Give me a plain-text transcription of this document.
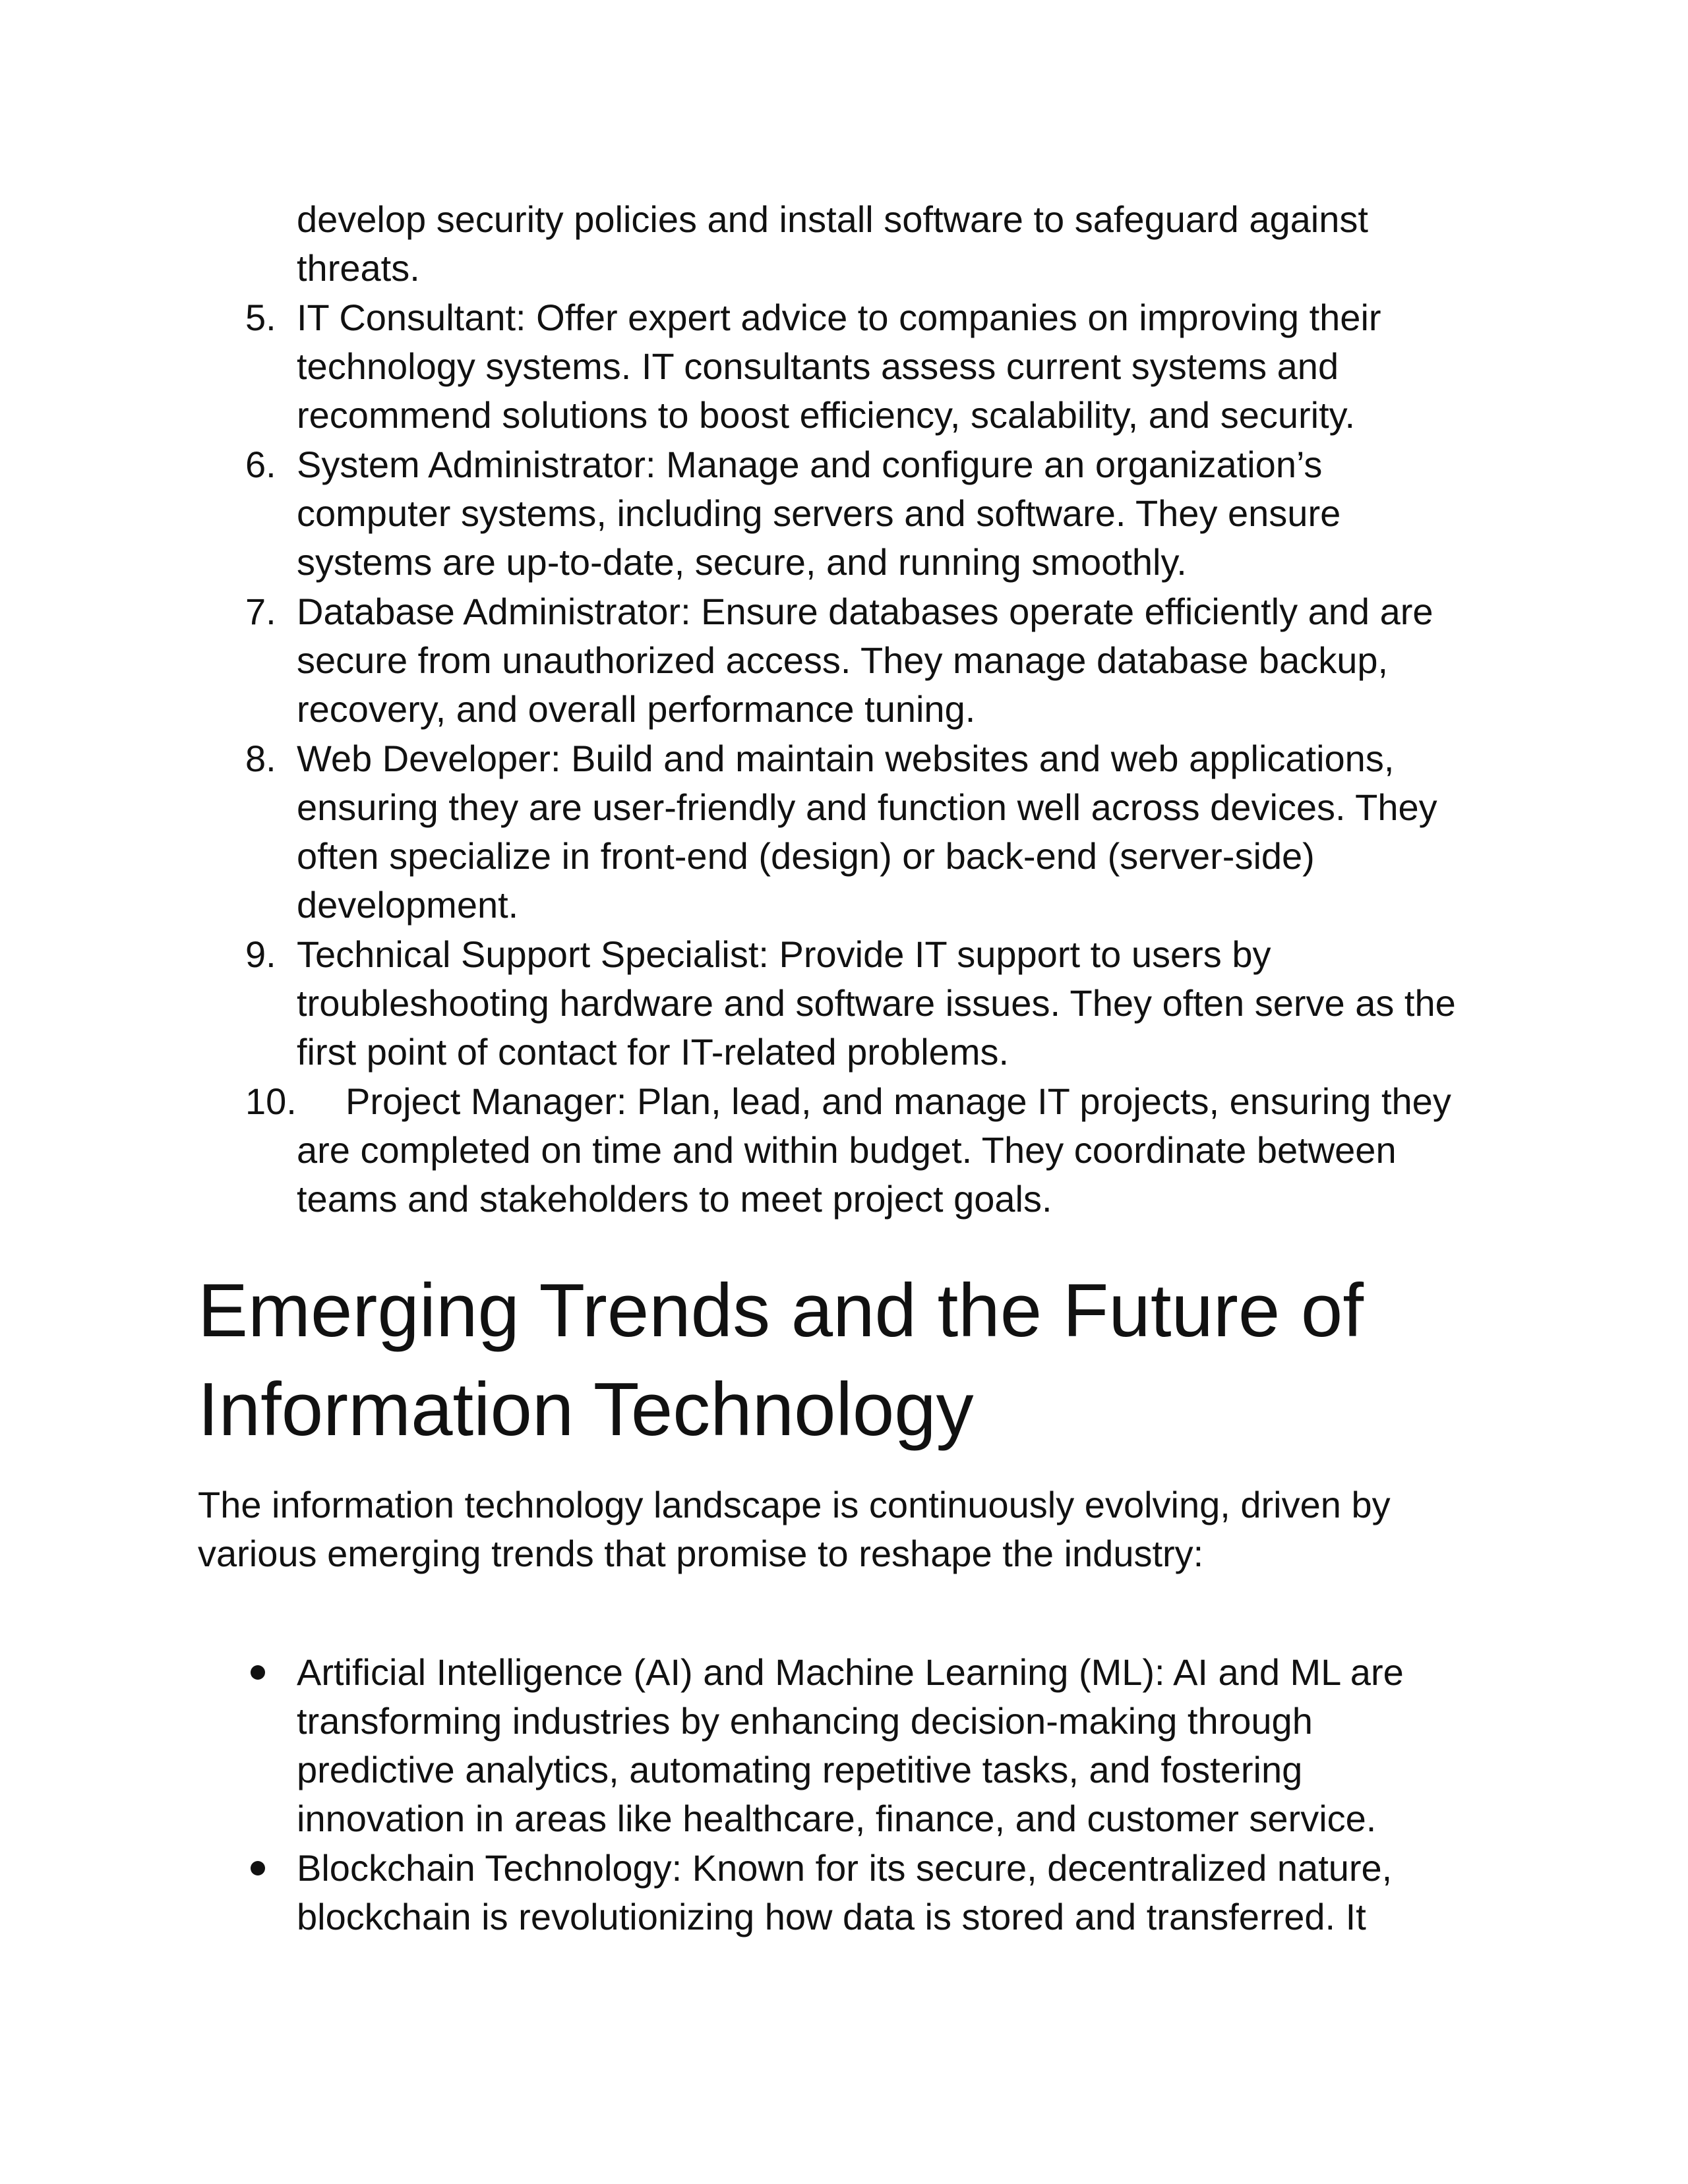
develop security policies and install software to safeguard against
threats.
5. IT Consultant: Offer expert advice to companies on improving their
technology systems. IT consultants assess current systems and
recommend solutions to boost efficiency, scalability, and security.
6. System Administrator: Manage and configure an organization’s
computer systems, including servers and software. They ensure
systems are up-to-date, secure, and running smoothly.
7. Database Administrator: Ensure databases operate efficiently and are
secure from unauthorized access. They manage database backup,
recovery, and overall performance tuning.
8. Web Developer: Build and maintain websites and web applications,
ensuring they are user-friendly and function well across devices. They
often specialize in front-end (design) or back-end (server-side)
development.
9. Technical Support Specialist: Provide IT support to users by
troubleshooting hardware and software issues. They often serve as the
first point of contact for IT-related problems.
10. Project Manager: Plan, lead, and manage IT projects, ensuring they
are completed on time and within budget. They coordinate between
teams and stakeholders to meet project goals.
Emerging Trends and the Future of
Information Technology
The information technology landscape is continuously evolving, driven by
various emerging trends that promise to reshape the industry:
Artificial Intelligence (AI) and Machine Learning (ML): AI and ML are
transforming industries by enhancing decision-making through
predictive analytics, automating repetitive tasks, and fostering
innovation in areas like healthcare, finance, and customer service.
Blockchain Technology: Known for its secure, decentralized nature,
blockchain is revolutionizing how data is stored and transferred. It
